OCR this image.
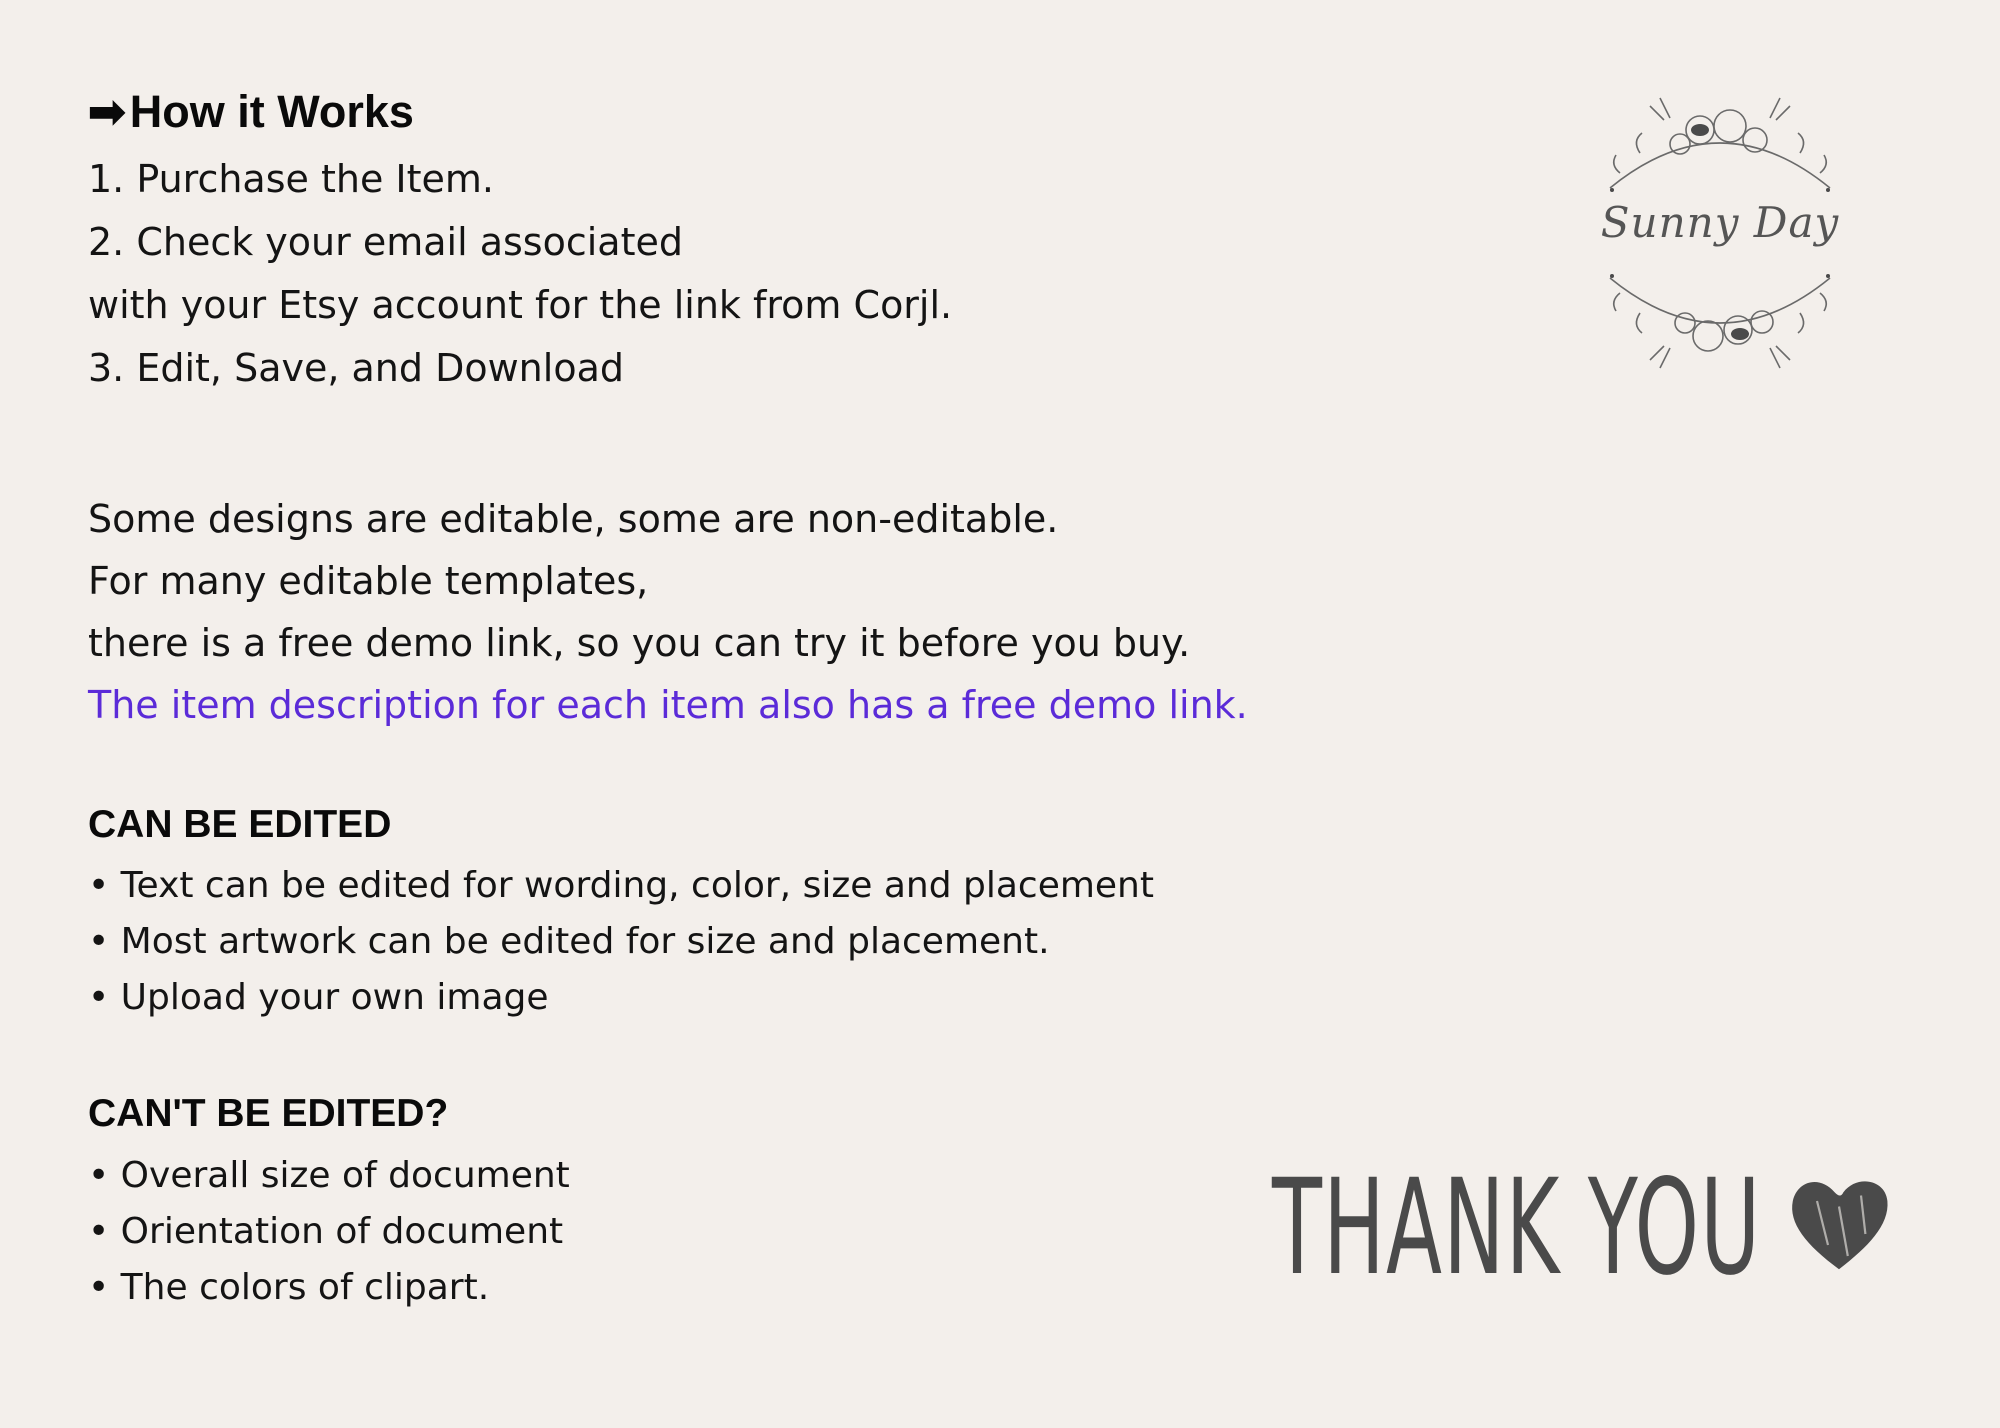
➡ How it Works
1. Purchase the Item.
2. Check your email associated
with your Etsy account for the link from Corjl.
3. Edit, Save, and Download
Some designs are editable, some are non-editable.
For many editable templates,
there is a free demo link, so you can try it before you buy.
The item description for each item also has a free demo link.
CAN BE EDITED
• Text can be edited for wording, color, size and placement
• Most artwork can be edited for size and placement.
• Upload your own image
CAN'T BE EDITED?
• Overall size of document
• Orientation of document
• The colors of clipart.
Sunny Day
THANK YOU
